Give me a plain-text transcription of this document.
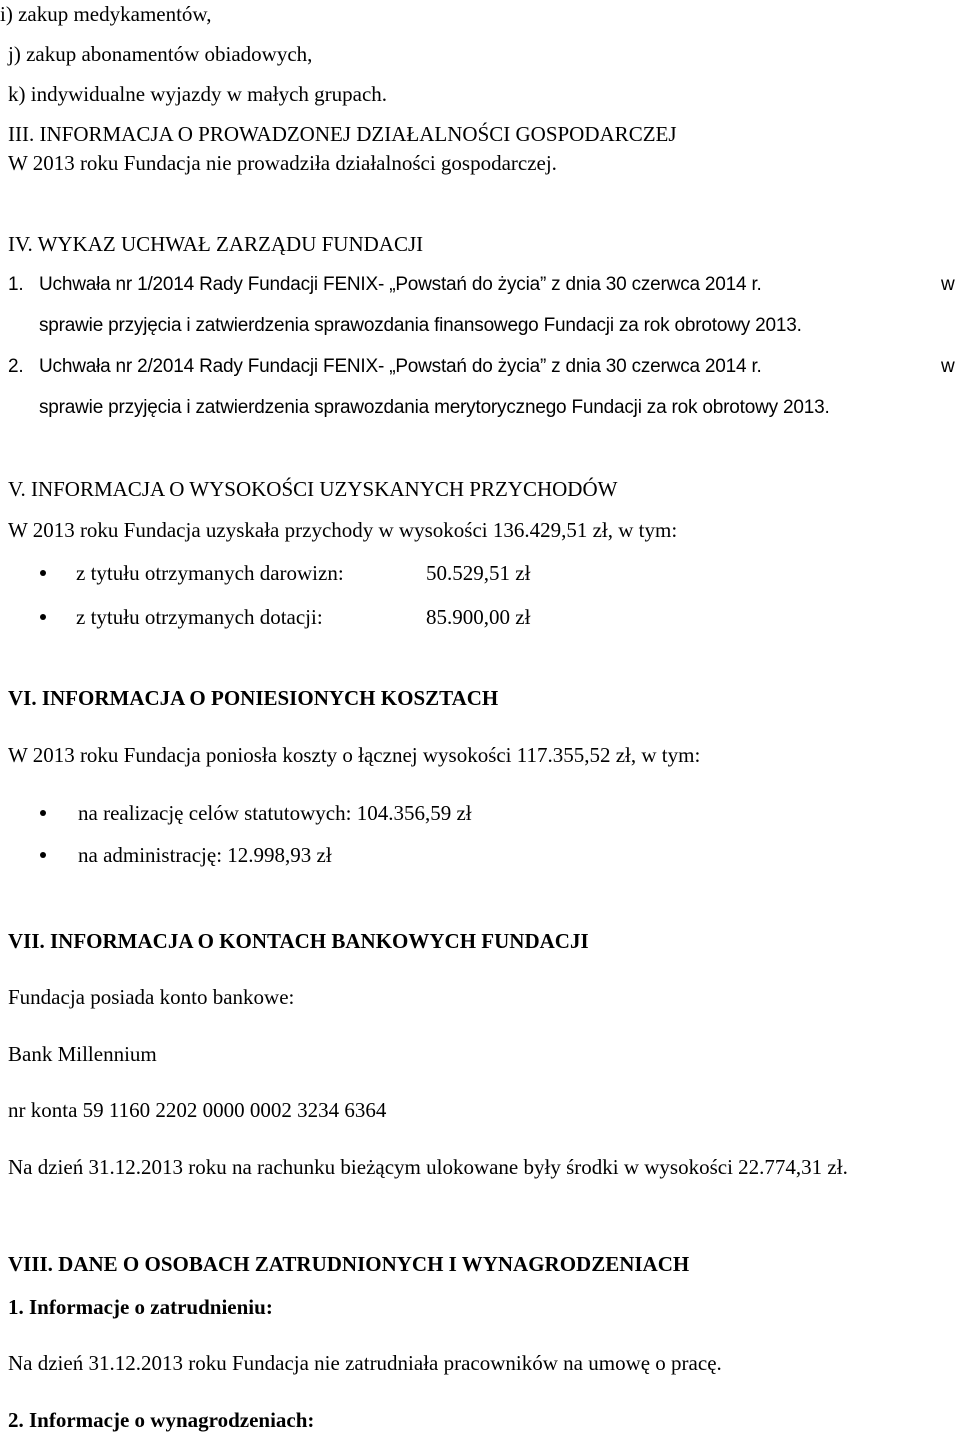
i) zakup medykamentów,
j) zakup abonamentów obiadowych,
k) indywidualne wyjazdy w małych grupach.
III. INFORMACJA O PROWADZONEJ DZIAŁALNOŚCI GOSPODARCZEJ
W 2013 roku Fundacja nie prowadziła działalności gospodarczej.
IV. WYKAZ UCHWAŁ ZARZĄDU FUNDACJI
1. Uchwała nr 1/2014 Rady Fundacji FENIX- „Powstań do życia” z dnia 30 czerwca 2014 r.	w
sprawie przyjęcia i zatwierdzenia sprawozdania finansowego Fundacji za rok obrotowy 2013.
2. Uchwała nr 2/2014 Rady Fundacji FENIX- „Powstań do życia” z dnia 30 czerwca 2014 r.	w
sprawie przyjęcia i zatwierdzenia sprawozdania merytorycznego Fundacji za rok obrotowy 2013.
V. INFORMACJA O WYSOKOŚCI UZYSKANYCH PRZYCHODÓW
W 2013 roku Fundacja uzyskała przychody w wysokości 136.429,51 zł, w tym:
z tytułu otrzymanych darowizn:	50.529,51 zł
z tytułu otrzymanych dotacji:	85.900,00 zł
VI. INFORMACJA O PONIESIONYCH KOSZTACH
W 2013 roku Fundacja poniosła koszty o łącznej wysokości 117.355,52 zł, w tym:
na realizację celów statutowych: 104.356,59 zł
na administrację: 12.998,93 zł
VII. INFORMACJA O KONTACH BANKOWYCH FUNDACJI
Fundacja posiada konto bankowe:
Bank Millennium
nr konta 59 1160 2202 0000 0002 3234 6364
Na dzień 31.12.2013 roku na rachunku bieżącym ulokowane były środki w wysokości 22.774,31 zł.
VIII. DANE O OSOBACH ZATRUDNIONYCH I WYNAGRODZENIACH
1. Informacje o zatrudnieniu:
Na dzień 31.12.2013 roku Fundacja nie zatrudniała pracowników na umowę o pracę.
2. Informacje o wynagrodzeniach:
